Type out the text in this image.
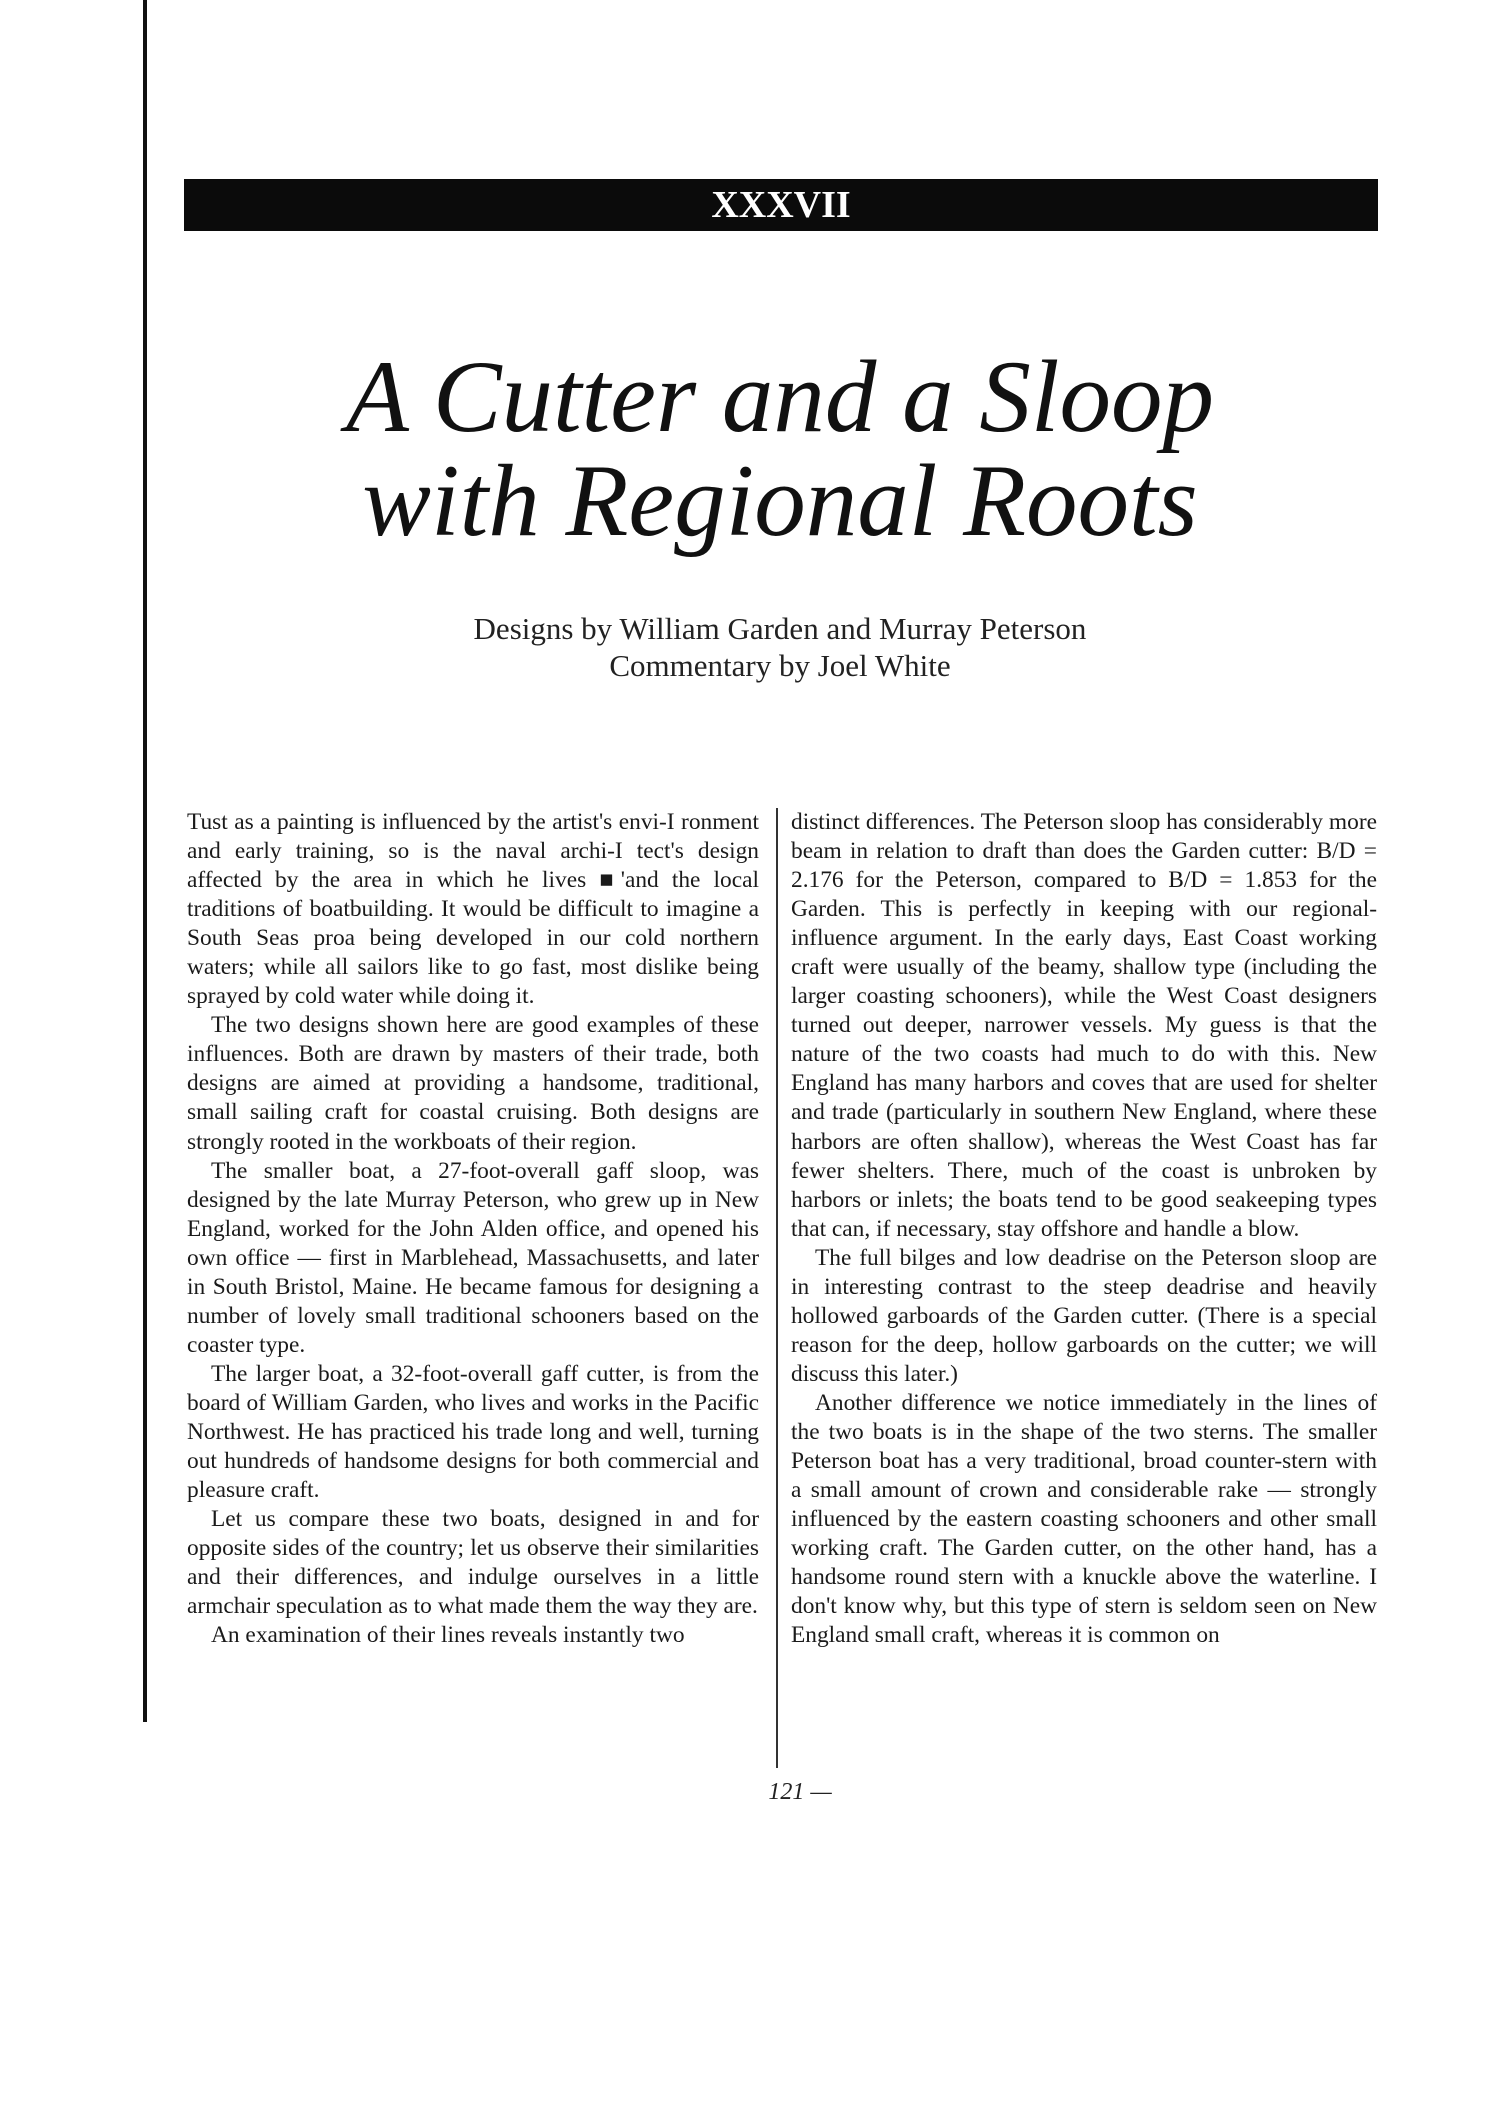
XXXVII
A Cutter and a Sloop
with Regional Roots
Designs by William Garden and Murray Peterson
Commentary by Joel White

Tust as a painting is influenced by the artist's envi-I ronment and early training, so is the naval archi-I tect's design affected by the area in which he lives ■'and the local traditions of boatbuilding. It would be difficult to imagine a South Seas proa being developed in our cold northern waters; while all sailors like to go fast, most dislike being sprayed by cold water while doing it.

The two designs shown here are good examples of these influences. Both are drawn by masters of their trade, both designs are aimed at providing a handsome, traditional, small sailing craft for coastal cruising. Both designs are strongly rooted in the workboats of their region.

The smaller boat, a 27-foot-overall gaff sloop, was designed by the late Murray Peterson, who grew up in New England, worked for the John Alden office, and opened his own office — first in Marblehead, Massachusetts, and later in South Bristol, Maine. He became famous for designing a number of lovely small traditional schooners based on the coaster type.

The larger boat, a 32-foot-overall gaff cutter, is from the board of William Garden, who lives and works in the Pacific Northwest. He has practiced his trade long and well, turning out hundreds of handsome designs for both commercial and pleasure craft.

Let us compare these two boats, designed in and for opposite sides of the country; let us observe their similarities and their differences, and indulge ourselves in a little armchair speculation as to what made them the way they are.

An examination of their lines reveals instantly two

distinct differences. The Peterson sloop has considerably more beam in relation to draft than does the Garden cutter: B/D = 2.176 for the Peterson, compared to B/D = 1.853 for the Garden. This is perfectly in keeping with our regional-influence argument. In the early days, East Coast working craft were usually of the beamy, shallow type (including the larger coasting schooners), while the West Coast designers turned out deeper, narrower vessels. My guess is that the nature of the two coasts had much to do with this. New England has many harbors and coves that are used for shelter and trade (particularly in southern New England, where these harbors are often shallow), whereas the West Coast has far fewer shelters. There, much of the coast is unbroken by harbors or inlets; the boats tend to be good seakeeping types that can, if necessary, stay offshore and handle a blow.

The full bilges and low deadrise on the Peterson sloop are in interesting contrast to the steep deadrise and heavily hollowed garboards of the Garden cutter. (There is a special reason for the deep, hollow garboards on the cutter; we will discuss this later.)

Another difference we notice immediately in the lines of the two boats is in the shape of the two sterns. The smaller Peterson boat has a very traditional, broad counter-stern with a small amount of crown and considerable rake — strongly influenced by the eastern coasting schooners and other small working craft. The Garden cutter, on the other hand, has a handsome round stern with a knuckle above the waterline. I don't know why, but this type of stern is seldom seen on New England small craft, whereas it is common on

121 —
